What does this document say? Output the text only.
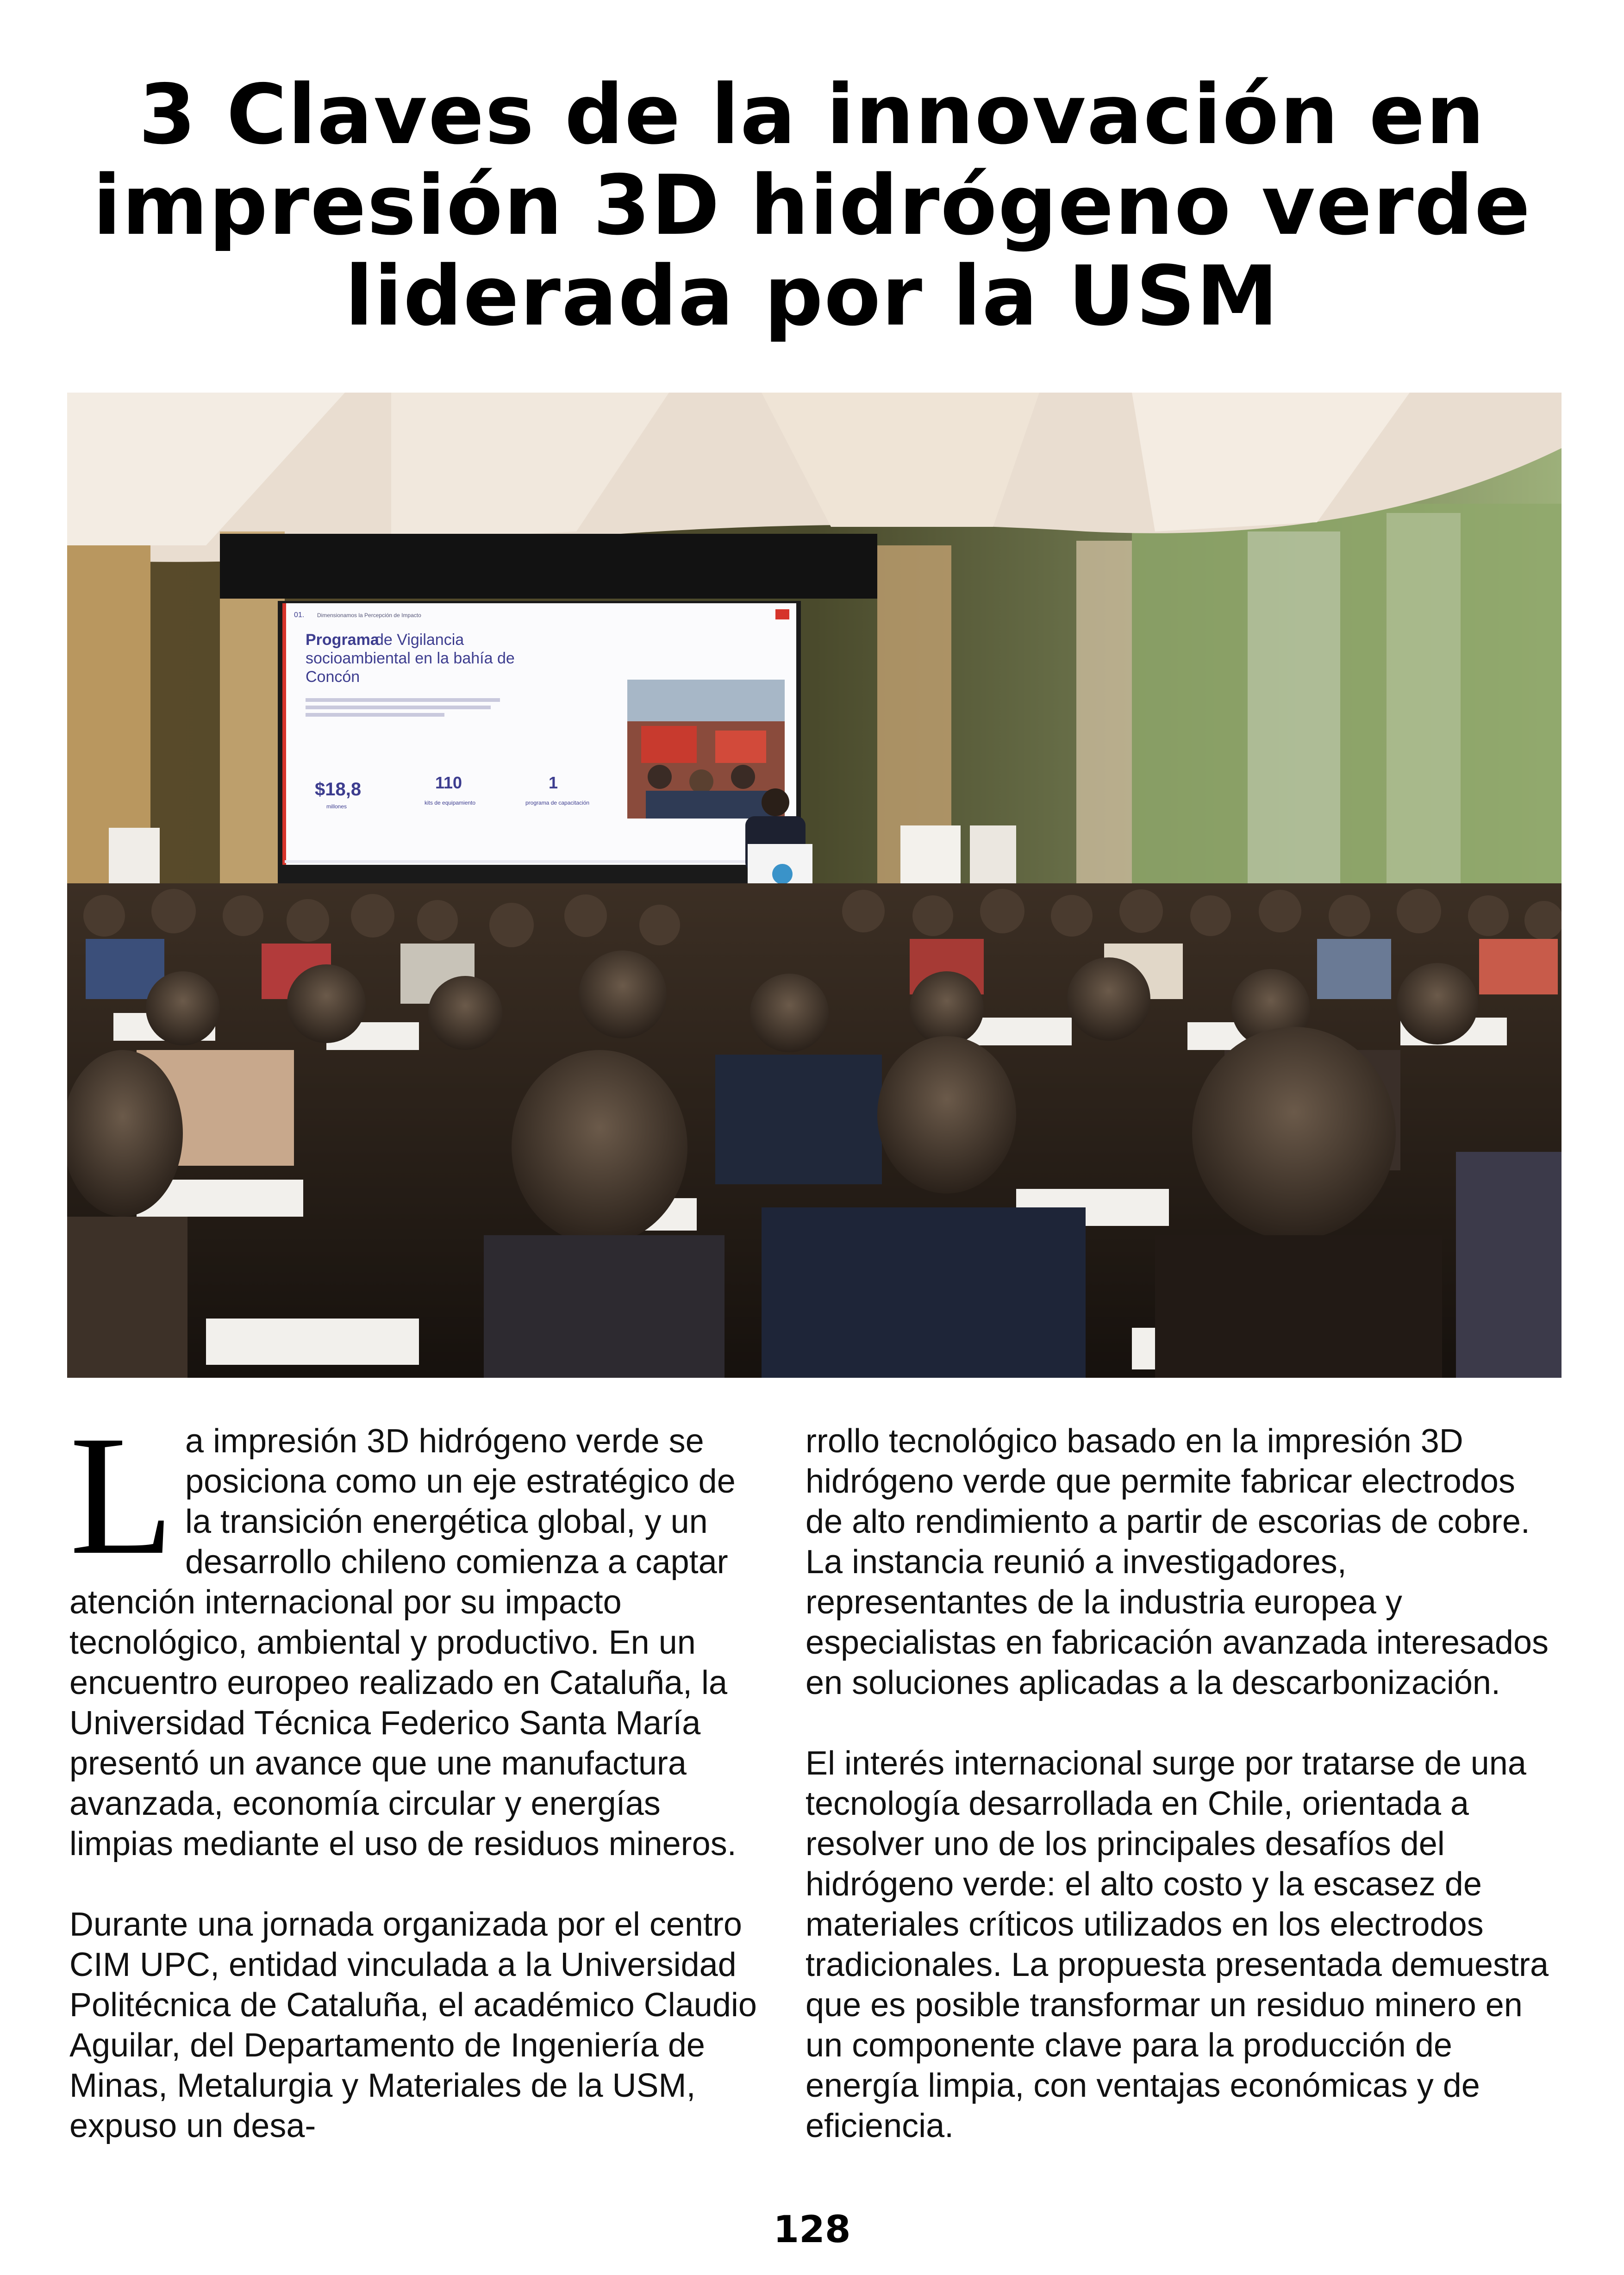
3 Claves de la innovación en
impresión 3D hidrógeno verde
liderada por la USM
01. Dimensionamos la Percepción de Impacto
Programa
de Vigilancia
socioambiental en la bahía de
Concón
$18,8
millones
110
kits de equipamiento
1
programa de capacitación

La impresión 3D hidrógeno verde se posiciona como un eje estratégico de la transición energética global, y un desarrollo chileno comienza a captar atención internacional por su impacto tecnológico, ambiental y productivo. En un encuentro europeo realizado en Cataluña, la Universidad Técnica Federico Santa María presentó un avance que une manufactura avanzada, economía circular y energías limpias mediante el uso de residuos mineros.

Durante una jornada organizada por el centro CIM UPC, entidad vinculada a la Universidad Politécnica de Cataluña, el académico Claudio Aguilar, del Departamento de Ingeniería de Minas, Metalurgia y Materiales de la USM, expuso un desa-

rrollo tecnológico basado en la impresión 3D hidrógeno verde que permite fabricar electrodos de alto rendimiento a partir de escorias de cobre. La instancia reunió a investigadores, representantes de la industria europea y especialistas en fabricación avanzada interesados en soluciones aplicadas a la descarbonización.

El interés internacional surge por tratarse de una tecnología desarrollada en Chile, orientada a resolver uno de los principales desafíos del hidrógeno verde: el alto costo y la escasez de materiales críticos utilizados en los electrodos tradicionales. La propuesta presentada demuestra que es posible transformar un residuo minero en un componente clave para la producción de energía limpia, con ventajas económicas y de eficiencia.

128
